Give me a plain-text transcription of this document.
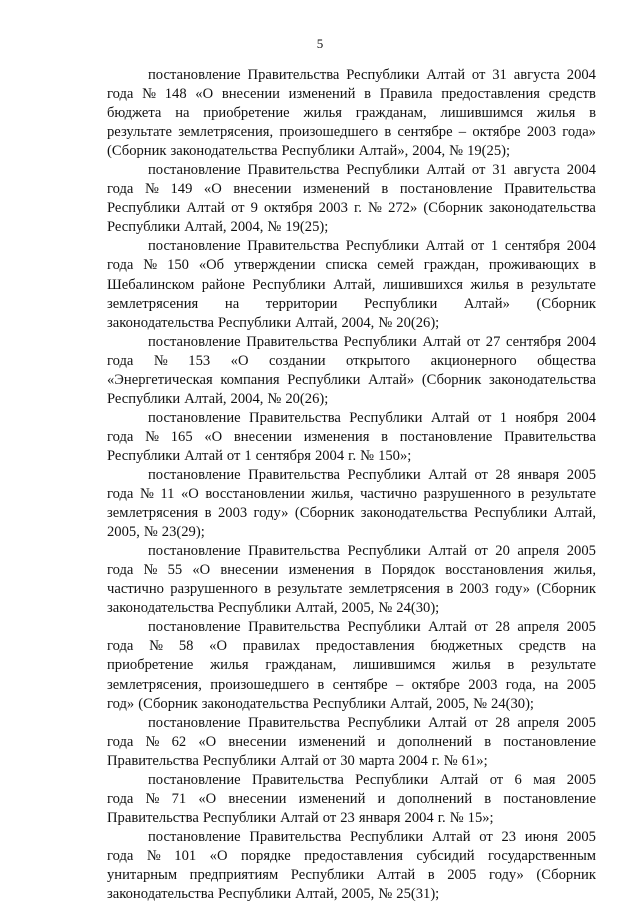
5
постановление Правительства Республики Алтай от 31 августа 2004
года № 148 «О внесении изменений в Правила предоставления средств
бюджета на приобретение жилья гражданам, лишившимся жилья в
результате землетрясения, произошедшего в сентябре – октябре 2003 года»
(Сборник законодательства Республики Алтай», 2004, № 19(25);
постановление Правительства Республики Алтай от 31 августа 2004
года № 149 «О внесении изменений в постановление Правительства
Республики Алтай от 9 октября 2003 г. № 272» (Сборник законодательства
Республики Алтай, 2004, № 19(25);
постановление Правительства Республики Алтай от 1 сентября 2004
года № 150 «Об утверждении списка семей граждан, проживающих в
Шебалинском районе Республики Алтай, лишившихся жилья в результате
землетрясения на территории Республики Алтай» (Сборник
законодательства Республики Алтай, 2004, № 20(26);
постановление Правительства Республики Алтай от 27 сентября 2004
года № 153 «О создании открытого акционерного общества
«Энергетическая компания Республики Алтай» (Сборник законодательства
Республики Алтай, 2004, № 20(26);
постановление Правительства Республики Алтай от 1 ноября 2004
года № 165 «О внесении изменения в постановление Правительства
Республики Алтай от 1 сентября 2004 г. № 150»;
постановление Правительства Республики Алтай от 28 января 2005
года № 11 «О восстановлении жилья, частично разрушенного в результате
землетрясения в 2003 году» (Сборник законодательства Республики Алтай,
2005, № 23(29);
постановление Правительства Республики Алтай от 20 апреля 2005
года № 55 «О внесении изменения в Порядок восстановления жилья,
частично разрушенного в результате землетрясения в 2003 году» (Сборник
законодательства Республики Алтай, 2005, № 24(30);
постановление Правительства Республики Алтай от 28 апреля 2005
года № 58 «О правилах предоставления бюджетных средств на
приобретение жилья гражданам, лишившимся жилья в результате
землетрясения, произошедшего в сентябре – октябре 2003 года, на 2005
год» (Сборник законодательства Республики Алтай, 2005, № 24(30);
постановление Правительства Республики Алтай от 28 апреля 2005
года № 62 «О внесении изменений и дополнений в постановление
Правительства Республики Алтай от 30 марта 2004 г. № 61»;
постановление Правительства Республики Алтай от 6 мая 2005
года № 71 «О внесении изменений и дополнений в постановление
Правительства Республики Алтай от 23 января 2004 г. № 15»;
постановление Правительства Республики Алтай от 23 июня 2005
года № 101 «О порядке предоставления субсидий государственным
унитарным предприятиям Республики Алтай в 2005 году» (Сборник
законодательства Республики Алтай, 2005, № 25(31);
